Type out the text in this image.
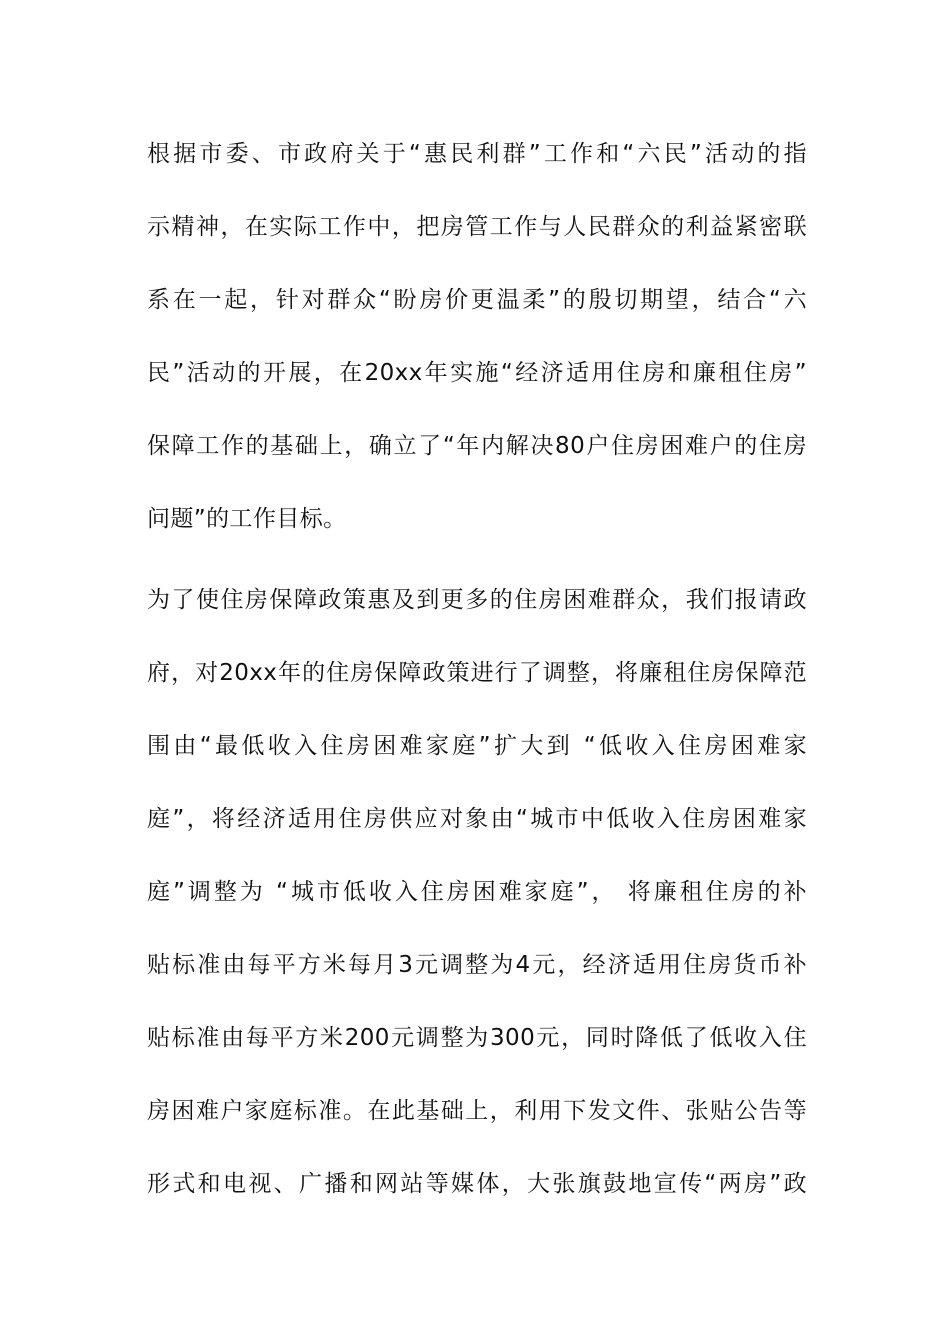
根据市委、市政府关于“惠民利群”工作和“六民”活动的指
示精神，在实际工作中，把房管工作与人民群众的利益紧密联
系在一起，针对群众“盼房价更温柔”的殷切期望，结合“六
民”活动的开展，在20xx年实施“经济适用住房和廉租住房”
保障工作的基础上，确立了“年内解决80户住房困难户的住房
问题”的工作目标。
为了使住房保障政策惠及到更多的住房困难群众，我们报请政
府，对20xx年的住房保障政策进行了调整，将廉租住房保障范
围由“最低收入住房困难家庭”扩大到 “低收入住房困难家
庭”，将经济适用住房供应对象由“城市中低收入住房困难家
庭”调整为 “城市低收入住房困难家庭”， 将廉租住房的补
贴标准由每平方米每月3元调整为4元，经济适用住房货币补
贴标准由每平方米200元调整为300元，同时降低了低收入住
房困难户家庭标准。在此基础上，利用下发文件、张贴公告等
形式和电视、广播和网站等媒体，大张旗鼓地宣传“两房”政
